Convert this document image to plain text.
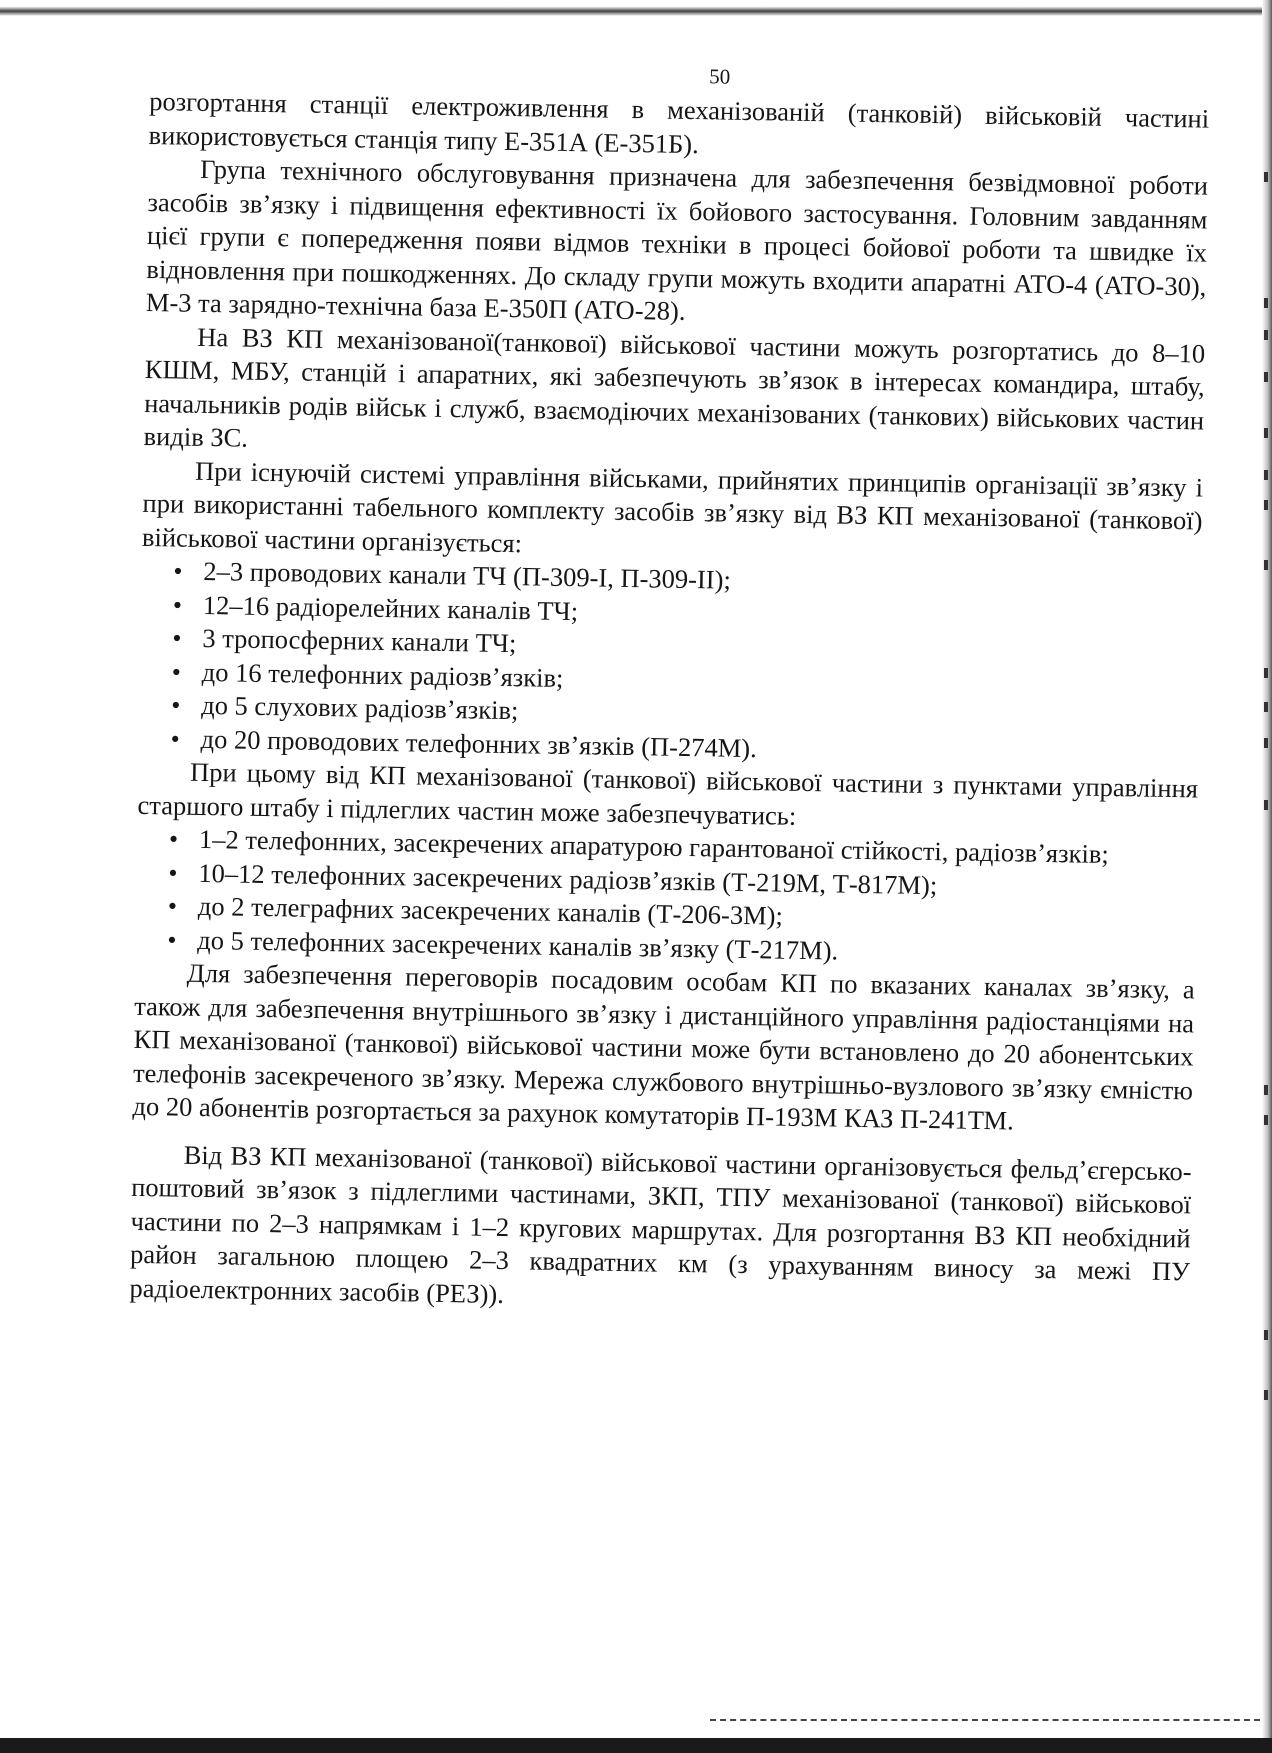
50

розгортання станції електроживлення в механізованій (танковій) військовій частині використовується станція типу Е-351А (Е-351Б).

Група технічного обслуговування призначена для забезпечення безвідмовної роботи засобів зв’язку і підвищення ефективності їх бойового застосування. Головним завданням цієї групи є попередження появи відмов техніки в процесі бойової роботи та швидке їх відновлення при пошкодженнях. До складу групи можуть входити апаратні АТО-4 (АТО-30), М-3 та зарядно-технічна база Е-350П (АТО-28).

На ВЗ КП механізованої(танкової) військової частини можуть розгортатись до 8–10 КШМ, МБУ, станцій і апаратних, які забезпечують зв’язок в інтересах командира, штабу, начальників родів військ і служб, взаємодіючих механізованих (танкових) військових частин видів ЗС.

При існуючій системі управління військами, прийнятих принципів організації зв’язку і при використанні табельного комплекту засобів зв’язку від ВЗ КП механізованої (танкової) військової частини організується:

• 2–3 проводових канали ТЧ (П-309-I, П-309-II);
• 12–16 радіорелейних каналів ТЧ;
• 3 тропосферних канали ТЧ;
• до 16 телефонних радіозв’язків;
• до 5 слухових радіозв’язків;
• до 20 проводових телефонних зв’язків (П-274М).

При цьому від КП механізованої (танкової) військової частини з пунктами управління старшого штабу і підлеглих частин може забезпечуватись:

• 1–2 телефонних, засекречених апаратурою гарантованої стійкості, радіозв’язків;
• 10–12 телефонних засекречених радіозв’язків (Т-219М, Т-817М);
• до 2 телеграфних засекречених каналів (Т-206-3М);
• до 5 телефонних засекречених каналів зв’язку (Т-217М).

Для забезпечення переговорів посадовим особам КП по вказаних каналах зв’язку, а також для забезпечення внутрішнього зв’язку і дистанційного управління радіостанціями на КП механізованої (танкової) військової частини може бути встановлено до 20 абонентських телефонів засекреченого зв’язку. Мережа службового внутрішньо-вузлового зв’язку ємністю до 20 абонентів розгортається за рахунок комутаторів П-193М КАЗ П-241ТМ.

Від ВЗ КП механізованої (танкової) військової частини організовується фельд’єгерсько-поштовий зв’язок з підлеглими частинами, ЗКП, ТПУ механізованої (танкової) військової частини по 2–3 напрямкам і 1–2 кругових маршрутах. Для розгортання ВЗ КП необхідний район загальною площею 2–3 квадратних км (з урахуванням виносу за межі ПУ радіоелектронних засобів (РЕЗ)).
